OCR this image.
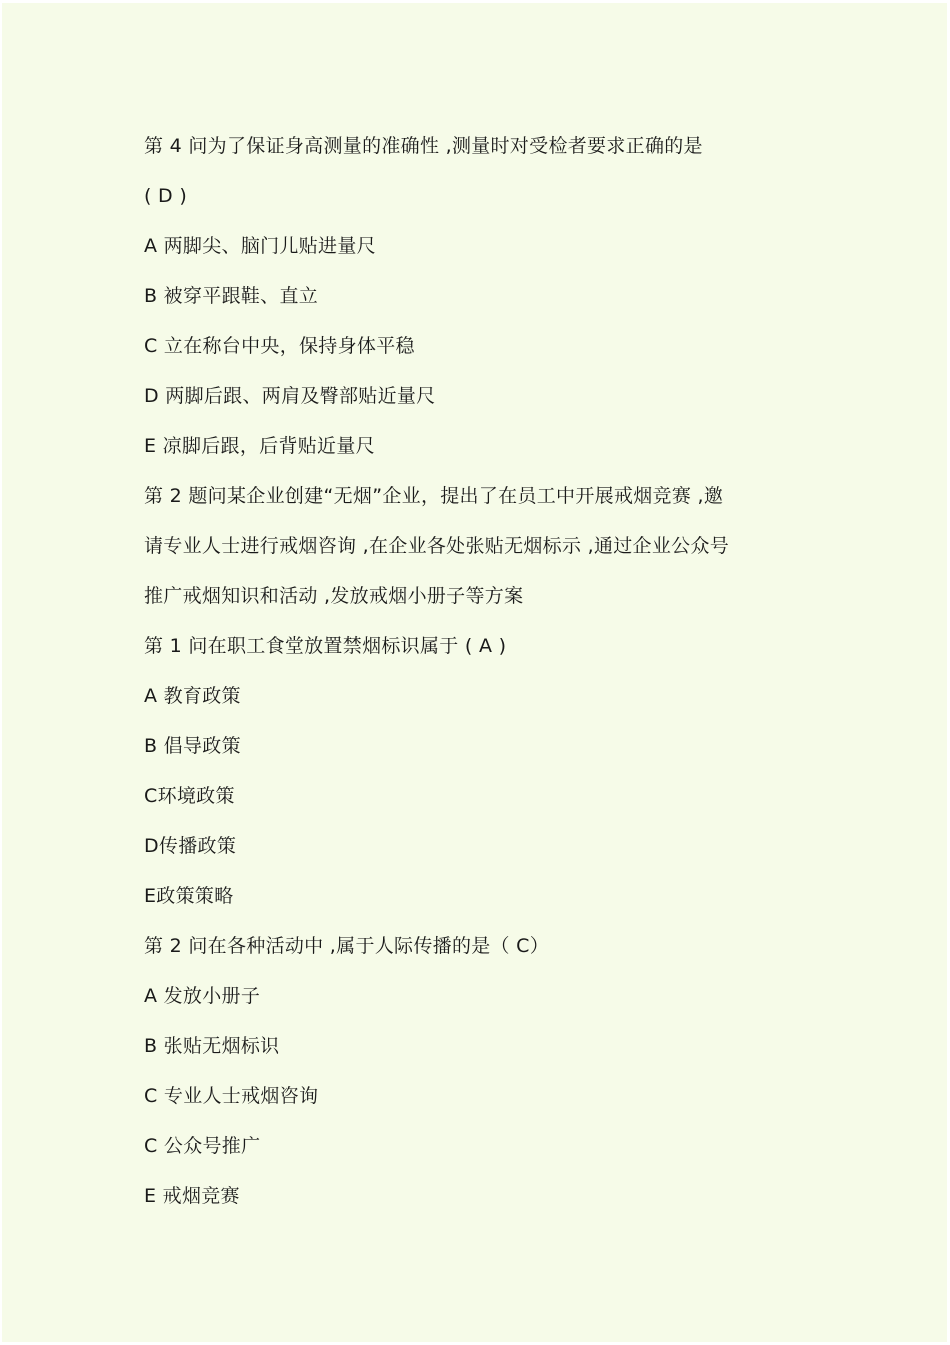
第 4 问为了保证身高测量的准确性 ,测量时对受检者要求正确的是
( D )
A 两脚尖、脑门儿贴进量尺
B 被穿平跟鞋、直立
C 立在称台中央，保持身体平稳
D 两脚后跟、两肩及臀部贴近量尺
E 凉脚后跟，后背贴近量尺
第 2 题问某企业创建“无烟”企业，提出了在员工中开展戒烟竞赛 ,邀
请专业人士进行戒烟咨询 ,在企业各处张贴无烟标示 ,通过企业公众号
推广戒烟知识和活动 ,发放戒烟小册子等方案
第 1 问在职工食堂放置禁烟标识属于 ( A )
A 教育政策
B 倡导政策
C环境政策
D传播政策
E政策策略
第 2 问在各种活动中 ,属于人际传播的是（ C）
A 发放小册子
B 张贴无烟标识
C 专业人士戒烟咨询
C 公众号推广
E 戒烟竞赛
